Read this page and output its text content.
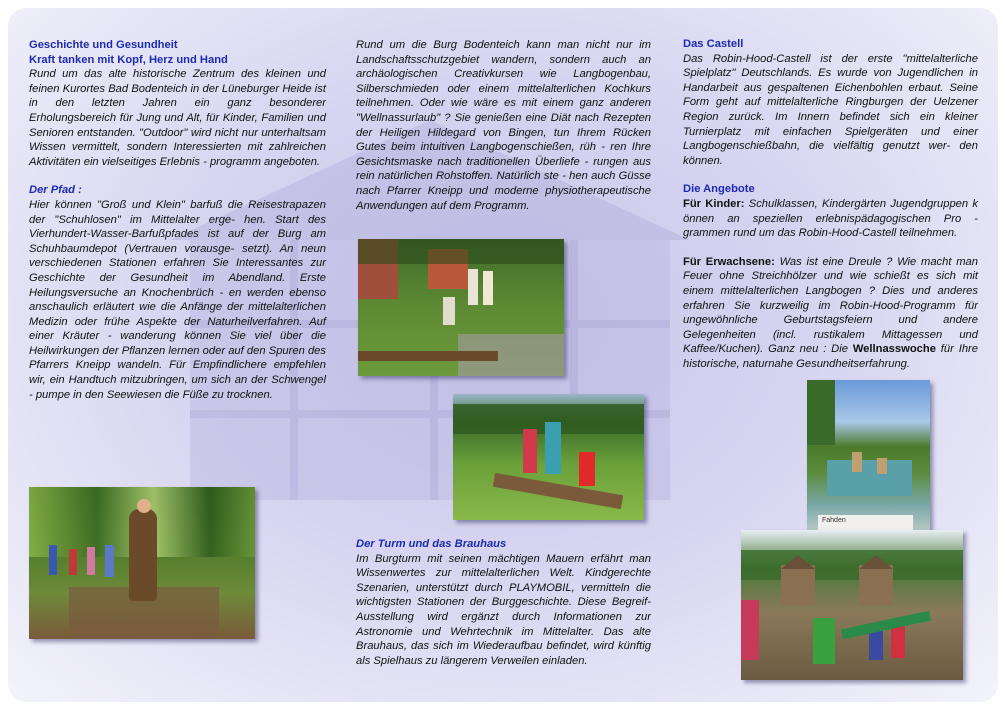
Geschichte und Gesundheit
Kraft tanken mit Kopf, Herz und Hand

Rund um das alte historische Zentrum des kleinen und feinen Kurortes Bad Bodenteich in der Lüneburger Heide ist in den letzten Jahren ein ganz besonderer Erholungsbereich für Jung und Alt, für Kinder, Familien und Senioren entstanden. "Outdoor" wird nicht nur unterhaltsam Wissen vermittelt, sondern Interessierten mit zahlreichen Aktivitäten ein vielseitiges Erlebnis - programm angeboten.

Der Pfad :

Hier können "Groß und Klein" barfuß die Reisestrapazen der "Schuhlosen" im Mittelalter erge- hen. Start des Vierhundert-Wasser-Barfußpfades ist auf der Burg am Schuhbaumdepot (Vertrauen vorausge- setzt). An neun verschiedenen Stationen erfahren Sie Interessantes zur Geschichte der Gesundheit im Abendland. Erste Heilungsversuche an Knochenbrüch - en werden ebenso anschaulich erläutert wie die Anfänge der mittelalterlichen Medizin oder frühe Aspekte der Naturheilverfahren. Auf einer Kräuter - wanderung können Sie viel über die Heilwirkungen der Pflanzen lernen oder auf den Spuren des Pfarrers Kneipp wandeln. Für Empfindlichere empfehlen wir, ein Handtuch mitzubringen, um sich an der Schwengel - pumpe in den Seewiesen die Füße zu trocknen.

Rund um die Burg Bodenteich kann man nicht nur im Landschaftsschutzgebiet wandern, sondern auch an archäologischen Creativkursen wie Langbogenbau, Silberschmieden oder einem mittelalterlichen Kochkurs teilnehmen. Oder wie wäre es mit einem ganz anderen "Wellnassurlaub" ? Sie genießen eine Diät nach Rezepten der Heiligen Hildegard von Bingen, tun Ihrem Rücken Gutes beim intuitiven Langbogenschießen, rüh - ren Ihre Gesichtsmaske nach traditionellen Überliefe - rungen aus rein natürlichen Rohstoffen. Natürlich ste - hen auch Güsse nach Pfarrer Kneipp und moderne physiotherapeutische Anwendungen auf dem Programm.

Der Turm und das Brauhaus

Im Burgturm mit seinen mächtigen Mauern erfährt man Wissenwertes zur mittelalterlichen Welt. Kindgerechte Szenarien, unterstützt durch PLAYMOBIL, vermitteln die wichtigsten Stationen der Burggeschichte. Diese Begreif-Ausstellung wird ergänzt durch Informationen zur Astronomie und Wehrtechnik im Mittelalter. Das alte Brauhaus, das sich im Wiederaufbau befindet, wird künftig als Spielhaus zu längerem Verweilen einladen.

Das Castell

Das Robin-Hood-Castell ist der erste "mittelalterliche Spielplatz" Deutschlands. Es wurde von Jugendlichen in Handarbeit aus gespaltenen Eichenbohlen erbaut. Seine Form geht auf mittelalterliche Ringburgen der Uelzener Region zurück. Im Innern befindet sich ein kleiner Turnierplatz mit einfachen Spielgeräten und einer Langbogenschießbahn, die vielfältig genutzt wer- den können.

Die Angebote

Für Kinder: Schulklassen, Kindergärten Jugendgruppen k önnen an speziellen erlebnispädagogischen Pro - grammen rund um das Robin-Hood-Castell teilnehmen.

Für Erwachsene: Was ist eine Dreule ? Wie macht man Feuer ohne Streichhölzer und wie schießt es sich mit einem mittelalterlichen Langbogen ? Dies und anderes erfahren Sie kurzweilig im Robin-Hood-Programm für ungewöhnliche Geburtstagsfeiern und andere Gelegenheiten (incl. rustikalem Mittagessen und Kaffee/Kuchen). Ganz neu : Die Wellnasswoche für Ihre historische, naturnahe Gesundheitserfahrung.

Fahden
